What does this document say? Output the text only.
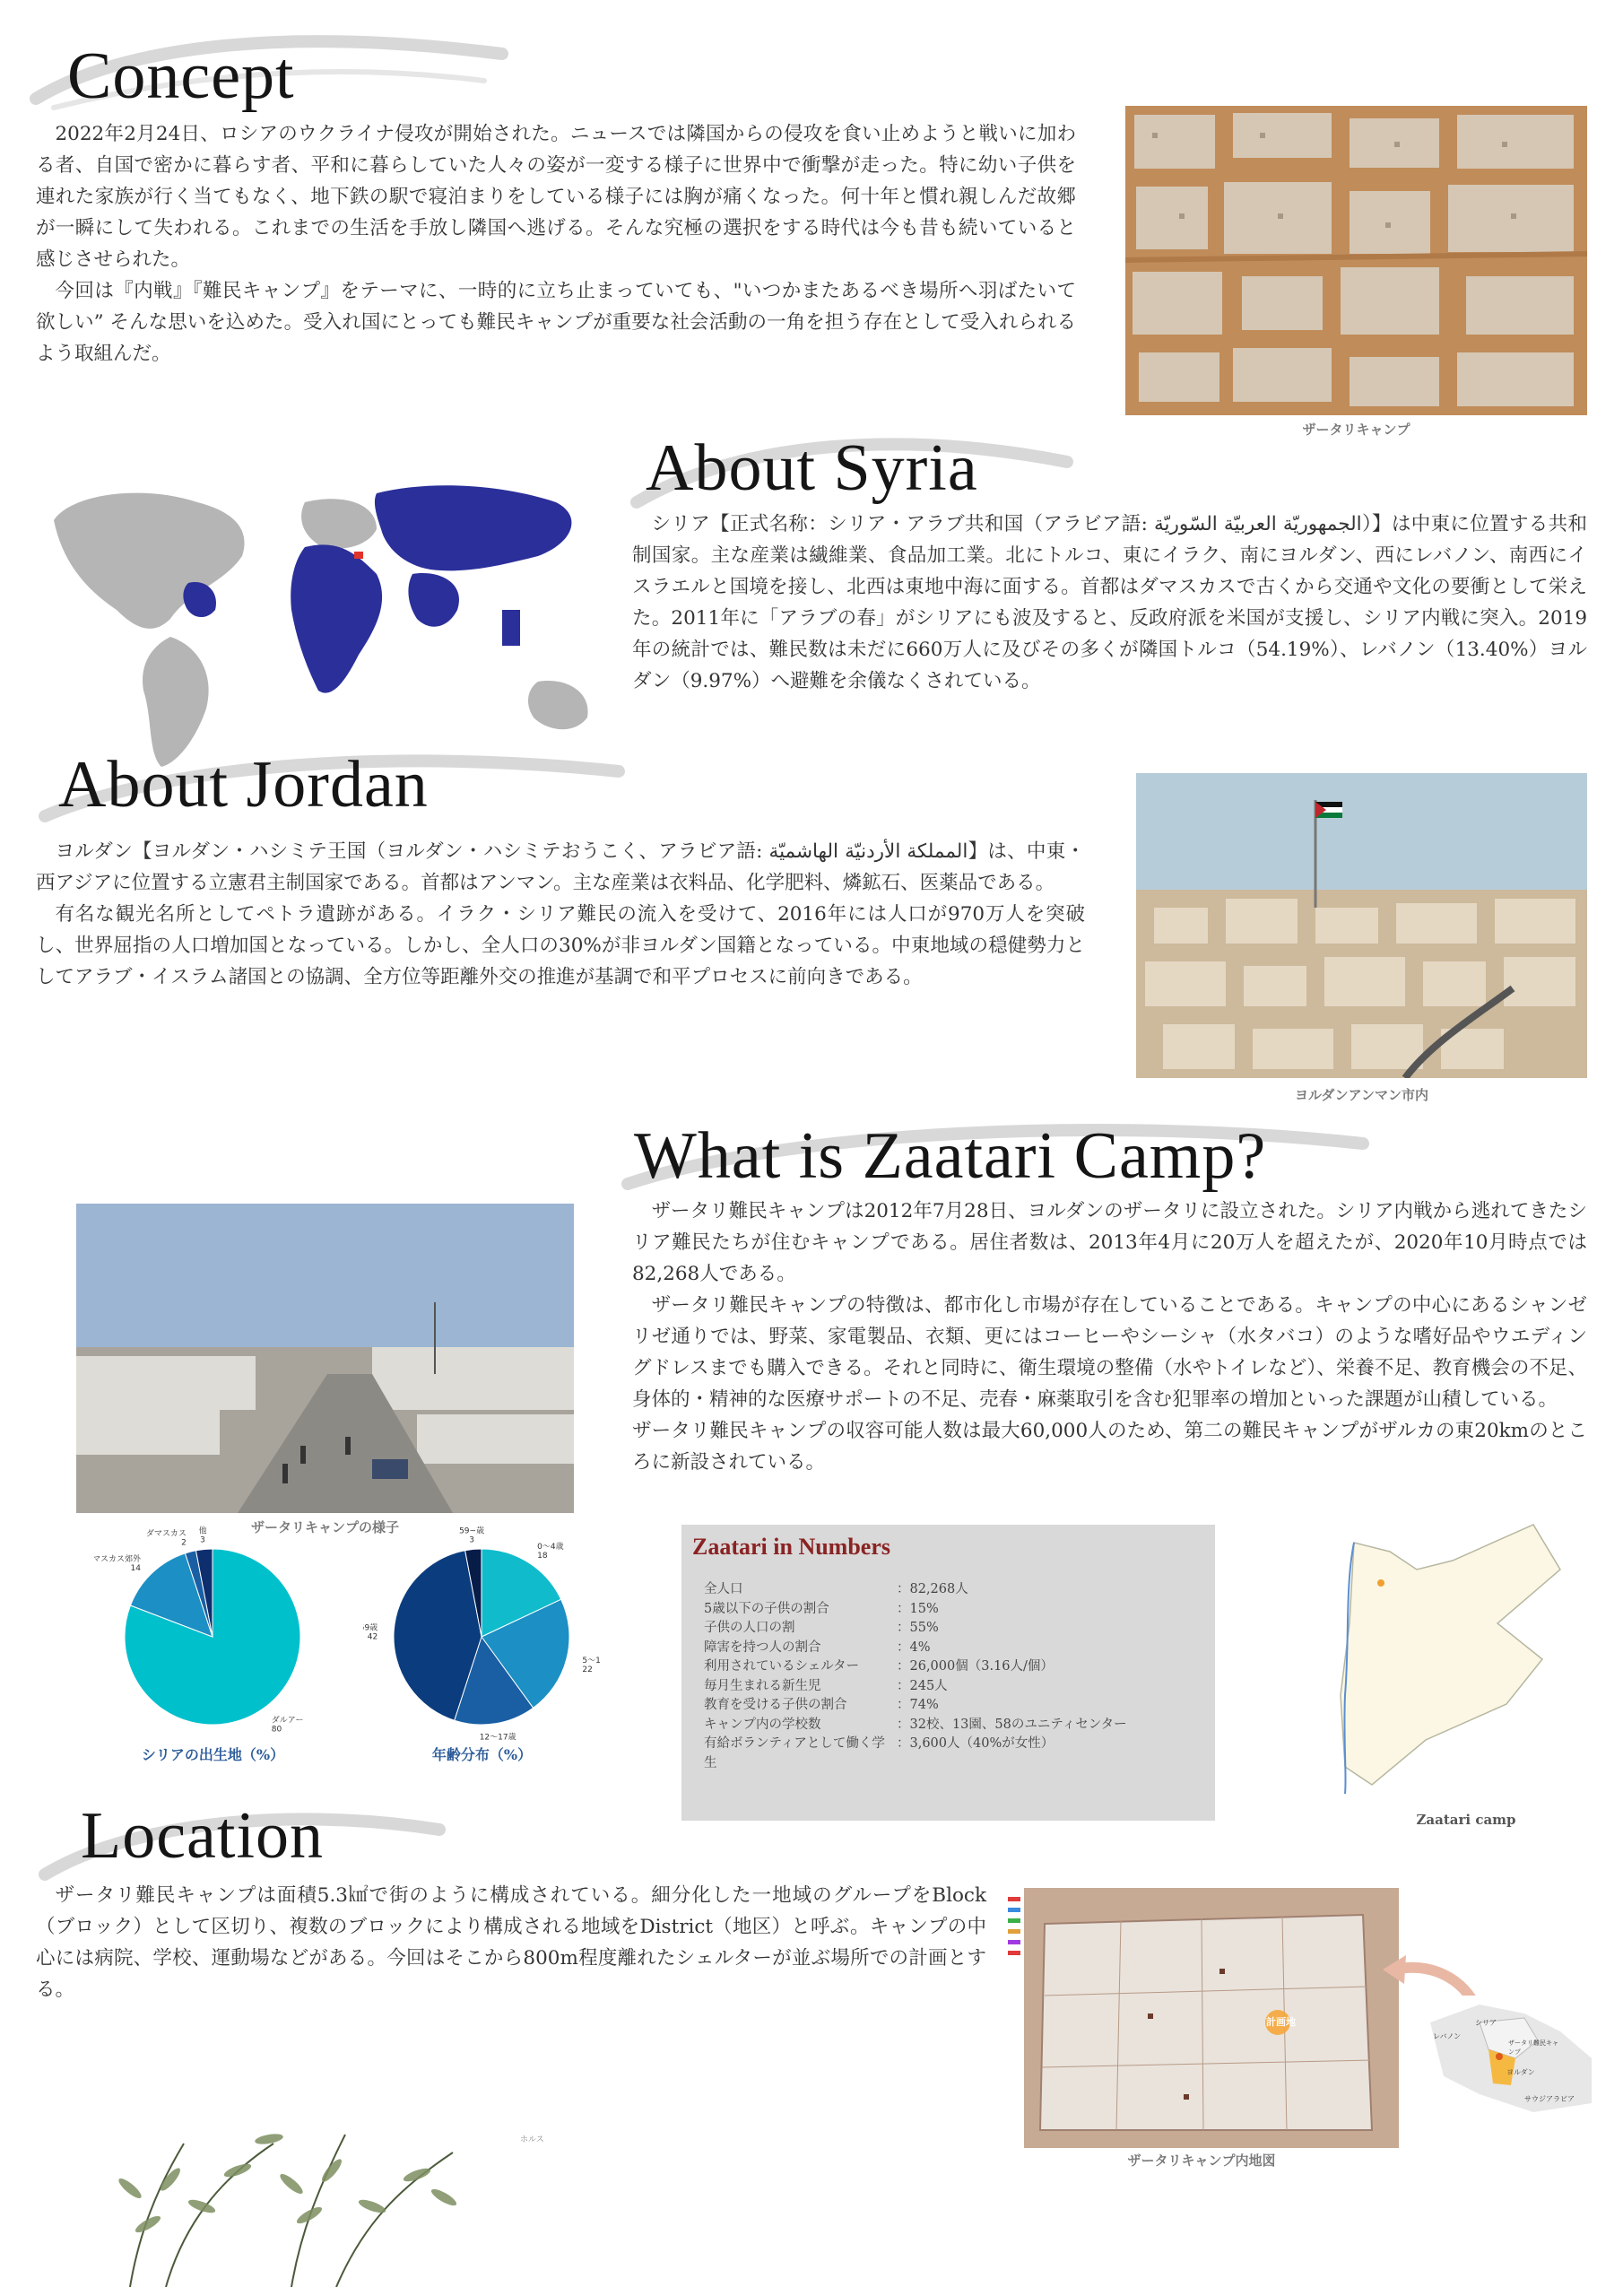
Concept

2022年2月24日、ロシアのウクライナ侵攻が開始された。ニュースでは隣国からの侵攻を食い止めようと戦いに加わる者、自国で密かに暮らす者、平和に暮らしていた人々の姿が一変する様子に世界中で衝撃が走った。特に幼い子供を連れた家族が行く当てもなく、地下鉄の駅で寝泊まりをしている様子には胸が痛くなった。何十年と慣れ親しんだ故郷が一瞬にして失われる。これまでの生活を手放し隣国へ逃げる。そんな究極の選択をする時代は今も昔も続いていると感じさせられた。

今回は『内戦』『難民キャンプ』をテーマに、一時的に立ち止まっていても、"いつかまたあるべき場所へ羽ばたいて欲しい” そんな思いを込めた。受入れ国にとっても難民キャンプが重要な社会活動の一角を担う存在として受入れられるよう取組んだ。

ザータリキャンプ
About Syria

シリア【正式名称：シリア・アラブ共和国（アラビア語: الجمهوريّة العربيّة السّوريّة）】は中東に位置する共和制国家。主な産業は繊維業、食品加工業。北にトルコ、東にイラク、南にヨルダン、西にレバノン、南西にイスラエルと国境を接し、北西は東地中海に面する。首都はダマスカスで古くから交通や文化の要衝として栄えた。2011年に「アラブの春」がシリアにも波及すると、反政府派を米国が支援し、シリア内戦に突入。2019年の統計では、難民数は未だに660万人に及びその多くが隣国トルコ（54.19%）、レバノン（13.40%）ヨルダン（9.97%）へ避難を余儀なくされている。

About Jordan

ヨルダン【ヨルダン・ハシミテ王国（ヨルダン・ハシミテおうこく、アラビア語: المملكة الأردنيّة الهاشميّة】は、中東・西アジアに位置する立憲君主制国家である。首都はアンマン。主な産業は衣料品、化学肥料、燐鉱石、医薬品である。

有名な観光名所としてペトラ遺跡がある。イラク・シリア難民の流入を受けて、2016年には人口が970万人を突破し、世界屈指の人口増加国となっている。しかし、全人口の30%が非ヨルダン国籍となっている。中東地域の穏健勢力としてアラブ・イスラム諸国との協調、全方位等距離外交の推進が基調で和平プロセスに前向きである。

ヨルダンアンマン市内
What is Zaatari Camp?

ザータリ難民キャンプは2012年7月28日、ヨルダンのザータリに設立された。シリア内戦から逃れてきたシリア難民たちが住むキャンプである。居住者数は、2013年4月に20万人を超えたが、2020年10月時点では82,268人である。

ザータリ難民キャンプの特徴は、都市化し市場が存在していることである。キャンプの中心にあるシャンゼリゼ通りでは、野菜、家電製品、衣類、更にはコーヒーやシーシャ（水タバコ）のような嗜好品やウエディングドレスまでも購入できる。それと同時に、衛生環境の整備（水やトイレなど）、栄養不足、教育機会の不足、身体的・精神的な医療サポートの不足、売春・麻薬取引を含む犯罪率の増加といった課題が山積している。

ザータリ難民キャンプの収容可能人数は最大60,000人のため、第二の難民キャンプがザルカの東20kmのところに新設されている。

ザータリキャンプの様子
ダルアー 80
マスカス郊外 14
ダマスカス 2
他 3
シリアの出生地（%）
0～4歳 18
5～1 22
12～17歳
9歳 42
59~歳 3
年齢分布（%）
Zaatari in Numbers
全人口	：82,268人
5歳以下の子供の割合	：15%
子供の人口の割	：55%
障害を持つ人の割合	：4%
利用されているシェルター	：26,000個（3.16人/個）
毎月生まれる新生児	：245人
教育を受ける子供の割合	：74%
キャンプ内の学校数	：32校、13園、58のユニティセンター
有給ボランティアとして働く学生
：3,600人（40%が女性）
Zaatari camp
Location

ザータリ難民キャンプは面積5.3㎢で街のように構成されている。細分化した一地域のグループをBlock（ブロック）として区切り、複数のブロックにより構成される地域をDistrict（地区）と呼ぶ。キャンプの中心には病院、学校、運動場などがある。今回はそこから800m程度離れたシェルターが並ぶ場所での計画とする。

シリア
レバノン
ザータリ難民キャンプ
ヨルダン
サウジアラビア
計画地
ザータリキャンプ内地図
ホルス
